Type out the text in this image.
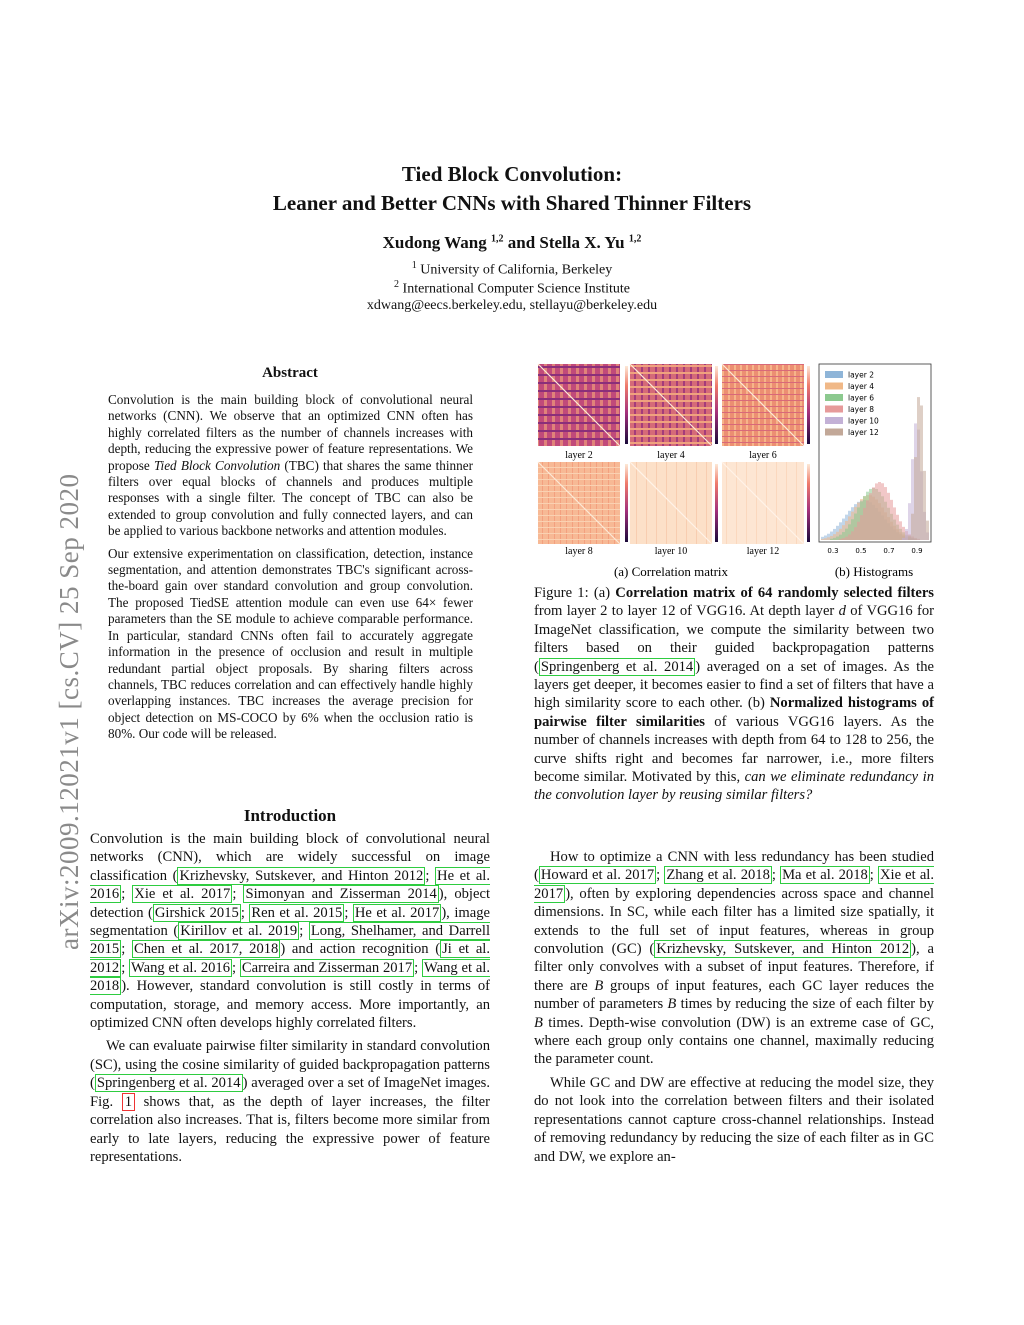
Tied Block Convolution:
Leaner and Better CNNs with Shared Thinner Filters
Xudong Wang $^{1,2}$ and Stella X. Yu $^{1,2}$
$^1$ University of California, Berkeley
$^2$ International Computer Science Institute
xdwang@eecs.berkeley.edu, stellayu@berkeley.edu
arXiv:2009.12021v1 [cs.CV] 25 Sep 2020
Abstract

Convolution is the main building block of convolutional neural networks (CNN). We observe that an optimized CNN often has highly correlated filters as the number of channels increases with depth, reducing the expressive power of feature representations. We propose Tied Block Convolution (TBC) that shares the same thinner filters over equal blocks of channels and produces multiple responses with a single filter. The concept of TBC can also be extended to group convolution and fully connected layers, and can be applied to various backbone networks and attention modules.

Our extensive experimentation on classification, detection, instance segmentation, and attention demonstrates TBC's significant across-the-board gain over standard convolution and group convolution. The proposed TiedSE attention module can even use 64× fewer parameters than the SE module to achieve comparable performance. In particular, standard CNNs often fail to accurately aggregate information in the presence of occlusion and result in multiple redundant partial object proposals. By sharing filters across channels, TBC reduces correlation and can effectively handle highly overlapping instances. TBC increases the average precision for object detection on MS-COCO by 6% when the occlusion ratio is 80%. Our code will be released.

Introduction

Convolution is the main building block of convolutional neural networks (CNN), which are widely successful on image classification ( Krizhevsky, Sutskever, and Hinton 2012 ; He et al. 2016 ; Xie et al. 2017 ; Simonyan and Zisserman 2014 ), object detection ( Girshick 2015 ; Ren et al. 2015 ; He et al. 2017 ), image segmentation ( Kirillov et al. 2019 ; Long, Shelhamer, and Darrell 2015 ; Chen et al. 2017, 2018 ) and action recognition ( Ji et al. 2012 ; Wang et al. 2016 ; Carreira and Zisserman 2017 ; Wang et al. 2018 ). However, standard convolution is still costly in terms of computation, storage, and memory access. More importantly, an optimized CNN often develops highly correlated filters.

We can evaluate pairwise filter similarity in standard convolution (SC), using the cosine similarity of guided backpropagation patterns ( Springenberg et al. 2014 ) averaged over a set of ImageNet images. Fig. 1 shows that, as the depth of layer increases, the filter correlation also increases. That is, filters become more similar from early to late layers, reducing the expressive power of feature representations.

layer 2	layer 4	layer 6
layer 8	layer 10	layer 12
layer 2
layer 4
layer 6
layer 8
layer 10
layer 12
0.3 0.5 0.7 0.9
(a) Correlation matrix	(b) Histograms
Figure 1: (a) Correlation matrix of 64 randomly selected filters from layer 2 to layer 12 of VGG16. At depth layer d of VGG16 for ImageNet classification, we compute the similarity between two filters based on their guided backpropagation patterns ( Springenberg et al. 2014 ) averaged on a set of images. As the layers get deeper, it becomes easier to find a set of filters that have a high similarity score to each other. (b) Normalized histograms of pairwise filter similarities of various VGG16 layers. As the number of channels increases with depth from 64 to 128 to 256, the curve shifts right and becomes far narrower, i.e., more filters become similar. Motivated by this, can we eliminate redundancy in the convolution layer by reusing similar filters?

How to optimize a CNN with less redundancy has been studied ( Howard et al. 2017 ; Zhang et al. 2018 ; Ma et al. 2018 ; Xie et al. 2017 ), often by exploring dependencies across space and channel dimensions. In SC, while each filter has a limited size spatially, it extends to the full set of input features, whereas in group convolution (GC) ( Krizhevsky, Sutskever, and Hinton 2012 ), a filter only convolves with a subset of input features. Therefore, if there are B groups of input features, each GC layer reduces the number of parameters B times by reducing the size of each filter by B times. Depth-wise convolution (DW) is an extreme case of GC, where each group only contains one channel, maximally reducing the parameter count.

While GC and DW are effective at reducing the model size, they do not look into the correlation between filters and their isolated representations cannot capture cross-channel relationships. Instead of removing redundancy by reducing the size of each filter as in GC and DW, we explore an-
